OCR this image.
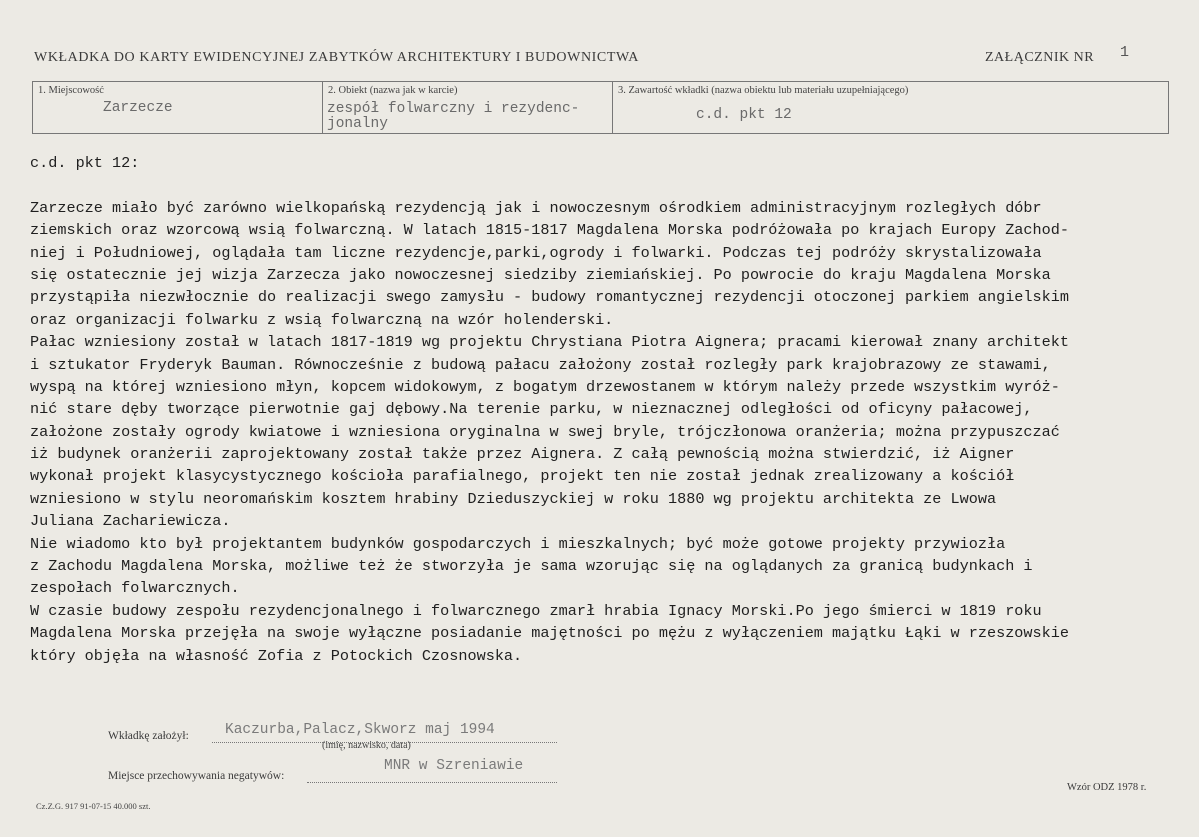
WKŁADKA DO KARTY EWIDENCYJNEJ ZABYTKÓW ARCHITEKTURY I BUDOWNICTWA	ZAŁĄCZNIK NR 1
1. Miejscowość
Zarzecze
2. Obiekt (nazwa jak w karcie)
zespół folwarczny i rezydenc-
jonalny
3. Zawartość wkładki (nazwa obiektu lub materiału uzupełniającego)
c.d. pkt 12
c.d. pkt 12:
Zarzecze miało być zarówno wielkopańską rezydencją jak i nowoczesnym ośrodkiem administracyjnym rozległych dóbr
ziemskich oraz wzorcową wsią folwarczną. W latach 1815-1817 Magdalena Morska podróżowała po krajach Europy Zachod-
niej i Południowej, oglądała tam liczne rezydencje,parki,ogrody i folwarki. Podczas tej podróży skrystalizowała
się ostatecznie jej wizja Zarzecza jako nowoczesnej siedziby ziemiańskiej. Po powrocie do kraju Magdalena Morska
przystąpiła niezwłocznie do realizacji swego zamysłu - budowy romantycznej rezydencji otoczonej parkiem angielskim
oraz organizacji folwarku z wsią folwarczną na wzór holenderski.
Pałac wzniesiony został w latach 1817-1819 wg projektu Chrystiana Piotra Aignera; pracami kierował znany architekt
i sztukator Fryderyk Bauman. Równocześnie z budową pałacu założony został rozległy park krajobrazowy ze stawami,
wyspą na której wzniesiono młyn, kopcem widokowym, z bogatym drzewostanem w którym należy przede wszystkim wyróż-
nić stare dęby tworzące pierwotnie gaj dębowy.Na terenie parku, w nieznacznej odległości od oficyny pałacowej,
założone zostały ogrody kwiatowe i wzniesiona oryginalna w swej bryle, trójczłonowa oranżeria; można przypuszczać
iż budynek oranżerii zaprojektowany został także przez Aignera. Z całą pewnością można stwierdzić, iż Aigner
wykonał projekt klasycystycznego kościoła parafialnego, projekt ten nie został jednak zrealizowany a kościół
wzniesiono w stylu neoromańskim kosztem hrabiny Dzieduszyckiej w roku 1880 wg projektu architekta ze Lwowa
Juliana Zachariewicza.
Nie wiadomo kto był projektantem budynków gospodarczych i mieszkalnych; być może gotowe projekty przywiozła
z Zachodu Magdalena Morska, możliwe też że stworzyła je sama wzorując się na oglądanych za granicą budynkach i
zespołach folwarcznych.
W czasie budowy zespołu rezydencjonalnego i folwarcznego zmarł hrabia Ignacy Morski.Po jego śmierci w 1819 roku
Magdalena Morska przejęła na swoje wyłączne posiadanie majętności po mężu z wyłączeniem majątku Łąki w rzeszowskie
który objęła na własność Zofia z Potockich Czosnowska.
Wkładkę założył: Kaczurba,Palacz,Skworz maj 1994
(imię, nazwisko, data)
Miejsce przechowywania negatywów:
MNR w Szreniawie
Cz.Z.G. 917 91-07-15 40.000 szt.
Wzór ODZ 1978 r.
